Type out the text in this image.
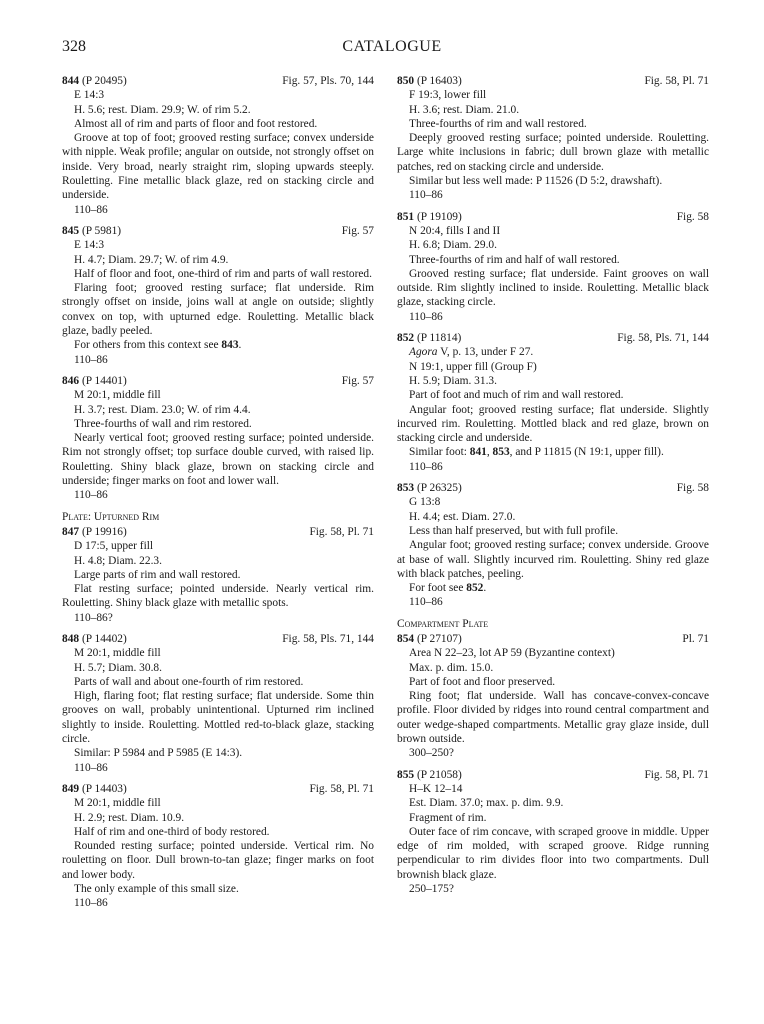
328	CATALOGUE
844 (P 20495)	Fig. 57, Pls. 70, 144
E 14:3
H. 5.6; rest. Diam. 29.9; W. of rim 5.2.
Almost all of rim and parts of floor and foot restored.
Groove at top of foot; grooved resting surface; convex underside with nipple. Weak profile; angular on outside, not strongly offset on inside. Very broad, nearly straight rim, sloping upwards steeply. Rouletting. Fine metallic black glaze, red on stacking circle and underside.
110–86
845 (P 5981)	Fig. 57
E 14:3
H. 4.7; Diam. 29.7; W. of rim 4.9.
Half of floor and foot, one-third of rim and parts of wall restored.
Flaring foot; grooved resting surface; flat underside. Rim strongly offset on inside, joins wall at angle on outside; slightly convex on top, with upturned edge. Rouletting. Metallic black glaze, badly peeled.
For others from this context see 843.
110–86
846 (P 14401)	Fig. 57
M 20:1, middle fill
H. 3.7; rest. Diam. 23.0; W. of rim 4.4.
Three-fourths of wall and rim restored.
Nearly vertical foot; grooved resting surface; pointed underside. Rim not strongly offset; top surface double curved, with raised lip. Rouletting. Shiny black glaze, brown on stacking circle and underside; finger marks on foot and lower wall.
110–86
Plate: Upturned Rim
847 (P 19916)	Fig. 58, Pl. 71
D 17:5, upper fill
H. 4.8; Diam. 22.3.
Large parts of rim and wall restored.
Flat resting surface; pointed underside. Nearly vertical rim. Rouletting. Shiny black glaze with metallic spots.
110–86?
848 (P 14402)	Fig. 58, Pls. 71, 144
M 20:1, middle fill
H. 5.7; Diam. 30.8.
Parts of wall and about one-fourth of rim restored.
High, flaring foot; flat resting surface; flat underside. Some thin grooves on wall, probably unintentional. Upturned rim inclined slightly to inside. Rouletting. Mottled red-to-black glaze, stacking circle.
Similar: P 5984 and P 5985 (E 14:3).
110–86
849 (P 14403)	Fig. 58, Pl. 71
M 20:1, middle fill
H. 2.9; rest. Diam. 10.9.
Half of rim and one-third of body restored.
Rounded resting surface; pointed underside. Vertical rim. No rouletting on floor. Dull brown-to-tan glaze; finger marks on foot and lower body.
The only example of this small size.
110–86
850 (P 16403)	Fig. 58, Pl. 71
F 19:3, lower fill
H. 3.6; rest. Diam. 21.0.
Three-fourths of rim and wall restored.
Deeply grooved resting surface; pointed underside. Rouletting. Large white inclusions in fabric; dull brown glaze with metallic patches, red on stacking circle and underside.
Similar but less well made: P 11526 (D 5:2, drawshaft).
110–86
851 (P 19109)	Fig. 58
N 20:4, fills I and II
H. 6.8; Diam. 29.0.
Three-fourths of rim and half of wall restored.
Grooved resting surface; flat underside. Faint grooves on wall outside. Rim slightly inclined to inside. Rouletting. Metallic black glaze, stacking circle.
110–86
852 (P 11814)	Fig. 58, Pls. 71, 144
Agora V, p. 13, under F 27.
N 19:1, upper fill (Group F)
H. 5.9; Diam. 31.3.
Part of foot and much of rim and wall restored.
Angular foot; grooved resting surface; flat underside. Slightly incurved rim. Rouletting. Mottled black and red glaze, brown on stacking circle and underside.
Similar foot: 841, 853, and P 11815 (N 19:1, upper fill).
110–86
853 (P 26325)	Fig. 58
G 13:8
H. 4.4; est. Diam. 27.0.
Less than half preserved, but with full profile.
Angular foot; grooved resting surface; convex underside. Groove at base of wall. Slightly incurved rim. Rouletting. Shiny red glaze with black patches, peeling.
For foot see 852.
110–86
Compartment Plate
854 (P 27107)	Pl. 71
Area N 22–23, lot AP 59 (Byzantine context)
Max. p. dim. 15.0.
Part of foot and floor preserved.
Ring foot; flat underside. Wall has concave-convex-concave profile. Floor divided by ridges into round central compartment and outer wedge-shaped compartments. Metallic gray glaze inside, dull brown outside.
300–250?
855 (P 21058)	Fig. 58, Pl. 71
H–K 12–14
Est. Diam. 37.0; max. p. dim. 9.9.
Fragment of rim.
Outer face of rim concave, with scraped groove in middle. Upper edge of rim molded, with scraped groove. Ridge running perpendicular to rim divides floor into two compartments. Dull brownish black glaze.
250–175?
